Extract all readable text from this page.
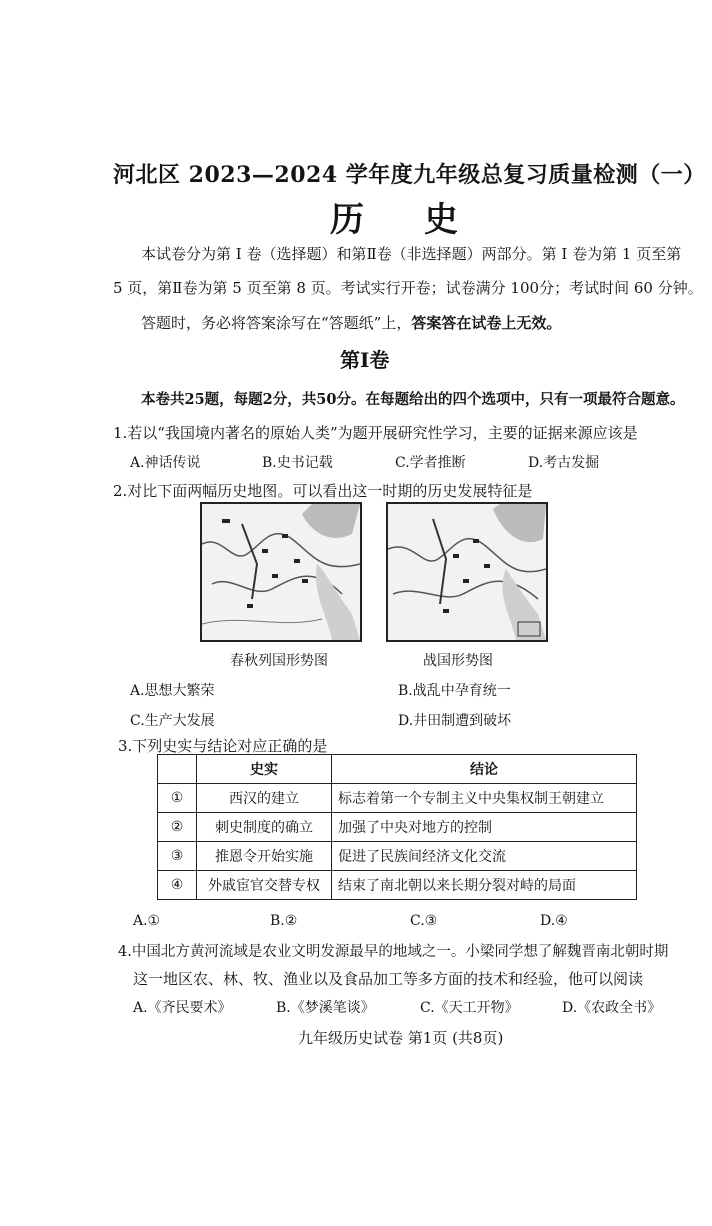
河北区 2023—2024 学年度九年级总复习质量检测（一）
历史
本试卷分为第 I 卷（选择题）和第Ⅱ卷（非选择题）两部分。第 I 卷为第 1 页至第
5 页，第Ⅱ卷为第 5 页至第 8 页。考试实行开卷；试卷满分 100分；考试时间 60 分钟。
答题时，务必将答案涂写在“答题纸”上，答案答在试卷上无效。
第I卷
本卷共25题，每题2分，共50分。在每题给出的四个选项中，只有一项最符合题意。
1.若以“我国境内著名的原始人类”为题开展研究性学习，主要的证据来源应该是
A.神话传说	B.史书记载	C.学者推断	D.考古发掘
2.对比下面两幅历史地图。可以看出这一时期的历史发展特征是
春秋列国形势图	战国形势图
A.思想大繁荣	B.战乱中孕育统一
C.生产大发展	D.井田制遭到破坏
3.下列史实与结论对应正确的是
	史实	结论
①	西汉的建立	标志着第一个专制主义中央集权制王朝建立
②	刺史制度的确立	加强了中央对地方的控制
③	推恩令开始实施	促进了民族间经济文化交流
④	外戚宦官交替专权	结束了南北朝以来长期分裂对峙的局面
A.①	B.②	C.③	D.④
4.中国北方黄河流域是农业文明发源最早的地域之一。小梁同学想了解魏晋南北朝时期
这一地区农、林、牧、渔业以及食品加工等多方面的技术和经验，他可以阅读
A.《齐民要术》	B.《梦溪笔谈》	C.《天工开物》	D.《农政全书》
九年级历史试卷 第1页 (共8页)
